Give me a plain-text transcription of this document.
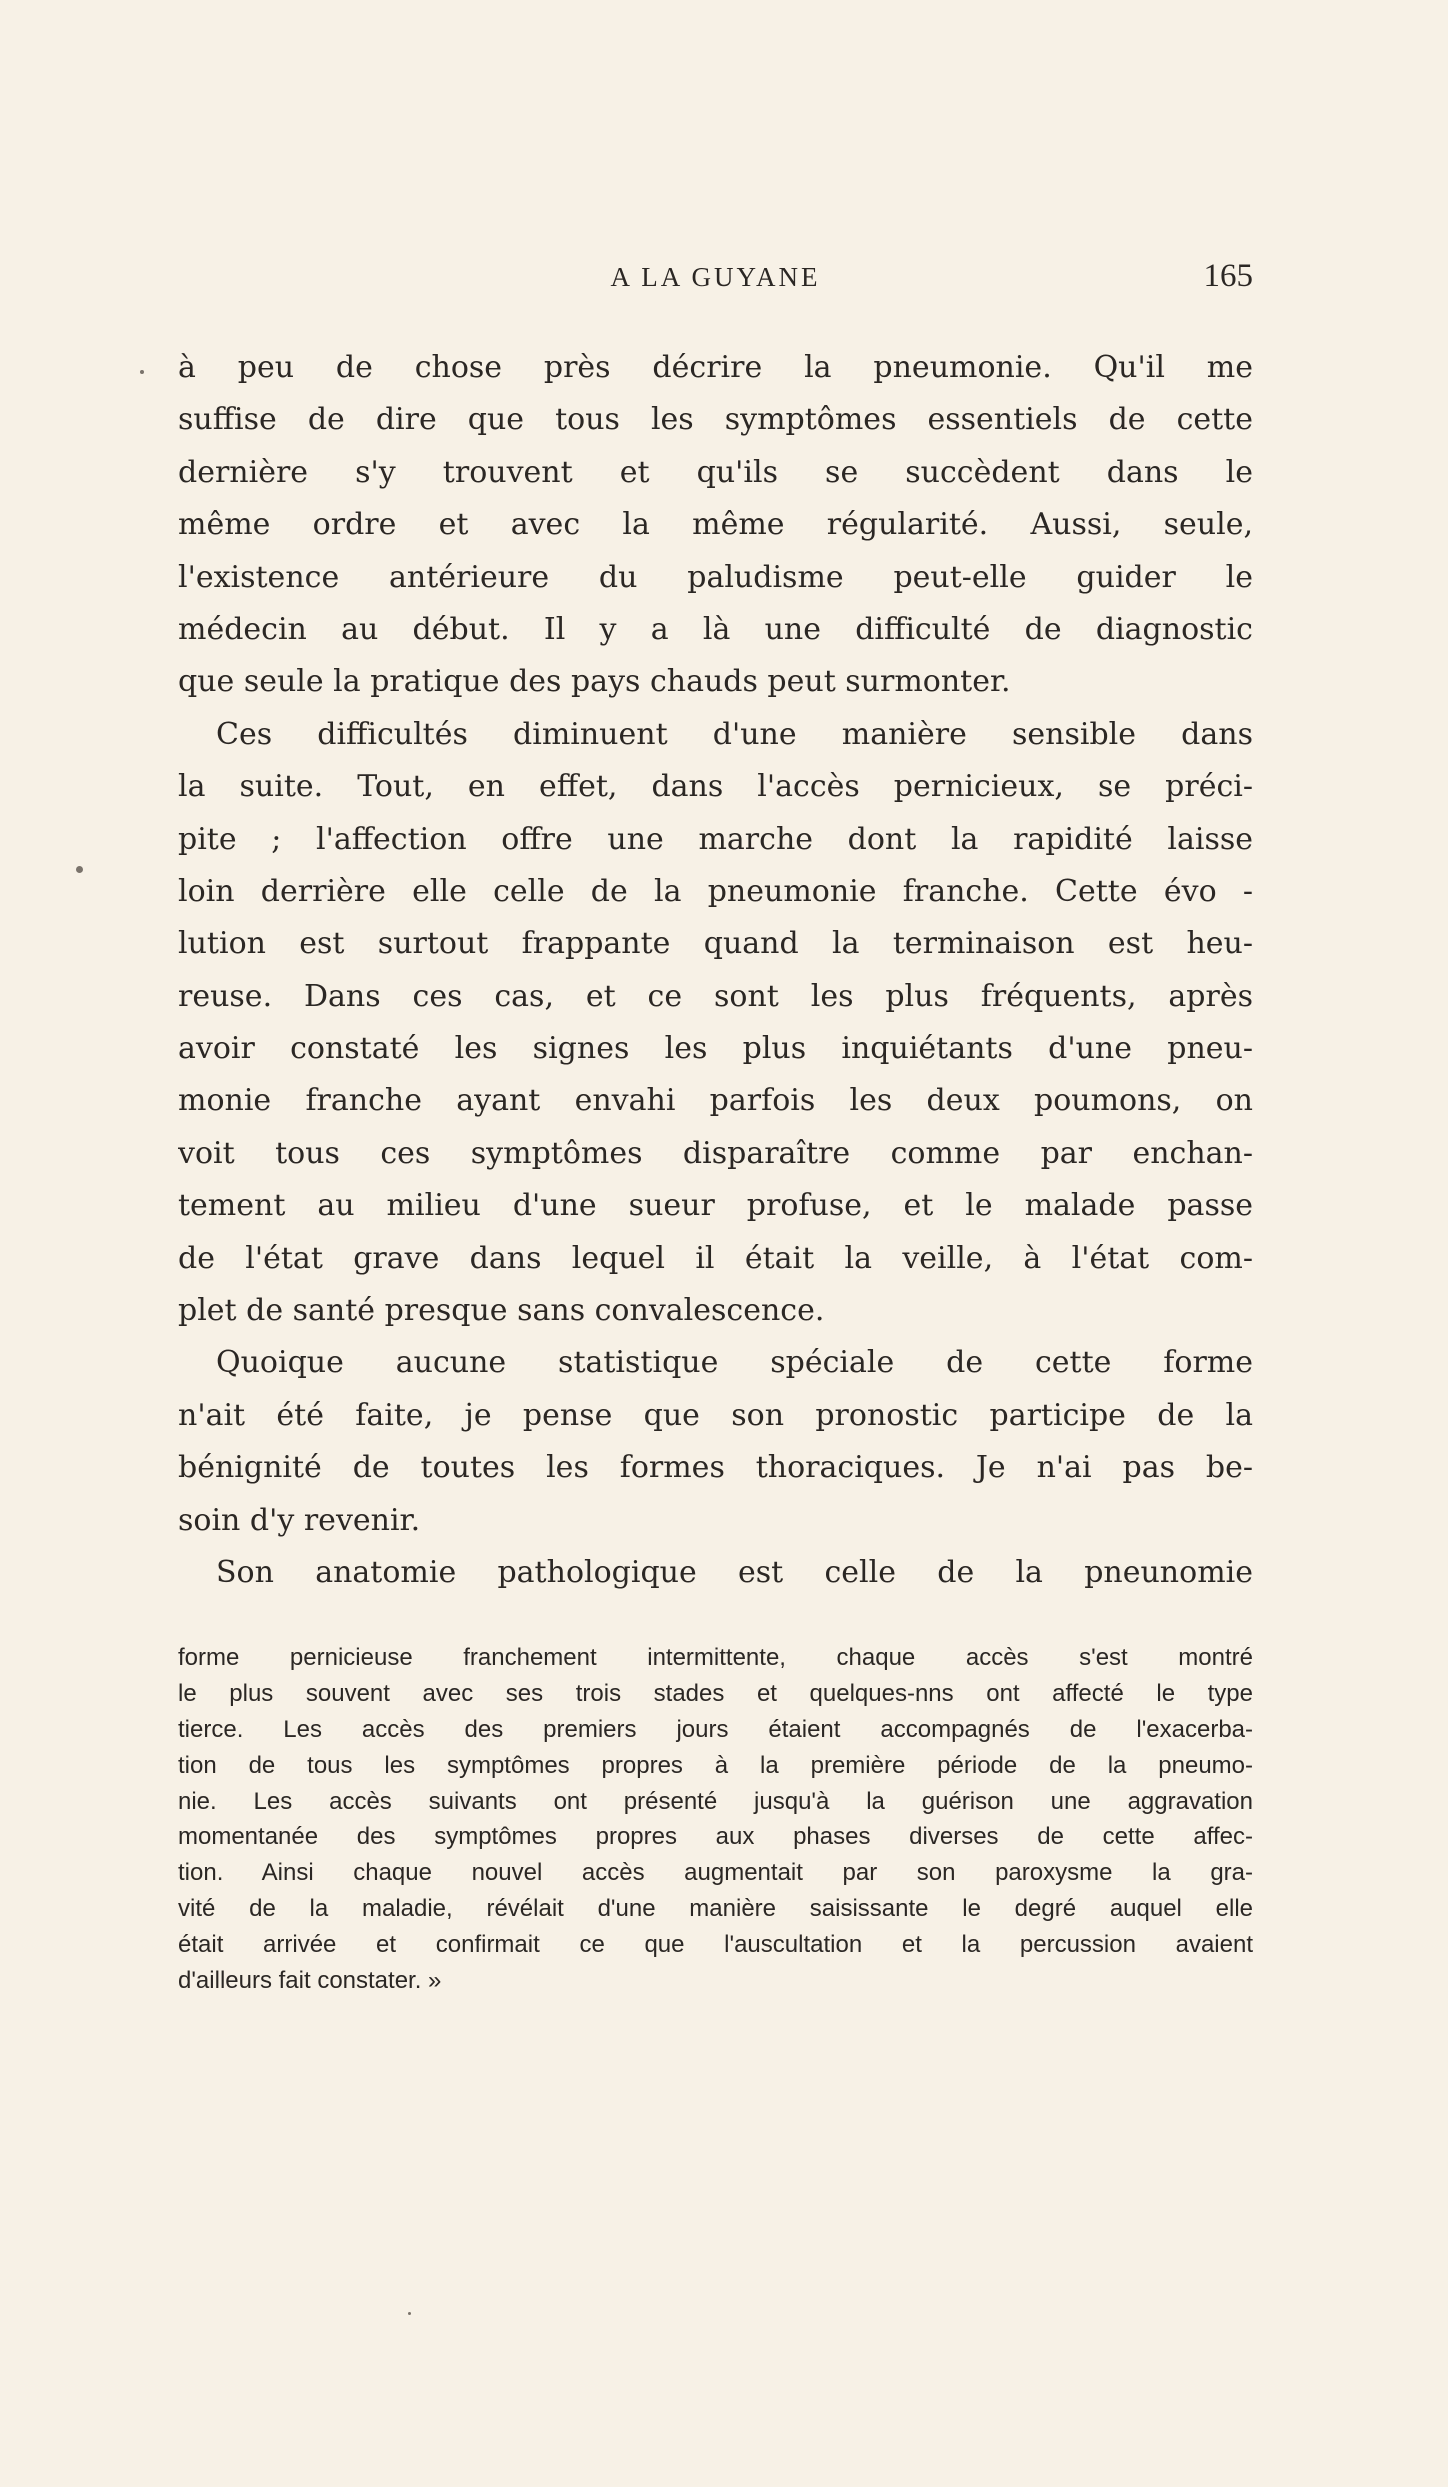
A LA GUYANE	165
à peu de chose près décrire la pneumonie. Qu'il me
suffise de dire que tous les symptômes essentiels de cette
dernière s'y trouvent et qu'ils se succèdent dans le
même ordre et avec la même régularité. Aussi, seule,
l'existence antérieure du paludisme peut-elle guider le
médecin au début. Il y a là une difficulté de diagnostic
que seule la pratique des pays chauds peut surmonter.
Ces difficultés diminuent d'une manière sensible dans
la suite. Tout, en effet, dans l'accès pernicieux, se préci-
pite ; l'affection offre une marche dont la rapidité laisse
loin derrière elle celle de la pneumonie franche. Cette évo -
lution est surtout frappante quand la terminaison est heu-
reuse. Dans ces cas, et ce sont les plus fréquents, après
avoir constaté les signes les plus inquiétants d'une pneu-
monie franche ayant envahi parfois les deux poumons, on
voit tous ces symptômes disparaître comme par enchan-
tement au milieu d'une sueur profuse, et le malade passe
de l'état grave dans lequel il était la veille, à l'état com-
plet de santé presque sans convalescence.
Quoique aucune statistique spéciale de cette forme
n'ait été faite, je pense que son pronostic participe de la
bénignité de toutes les formes thoraciques. Je n'ai pas be-
soin d'y revenir.
Son anatomie pathologique est celle de la pneunomie
forme pernicieuse franchement intermittente, chaque accès s'est montré
le plus souvent avec ses trois stades et quelques-nns ont affecté le type
tierce. Les accès des premiers jours étaient accompagnés de l'exacerba-
tion de tous les symptômes propres à la première période de la pneumo-
nie. Les accès suivants ont présenté jusqu'à la guérison une aggravation
momentanée des symptômes propres aux phases diverses de cette affec-
tion. Ainsi chaque nouvel accès augmentait par son paroxysme la gra-
vité de la maladie, révélait d'une manière saisissante le degré auquel elle
était arrivée et confirmait ce que l'auscultation et la percussion avaient
d'ailleurs fait constater. »
